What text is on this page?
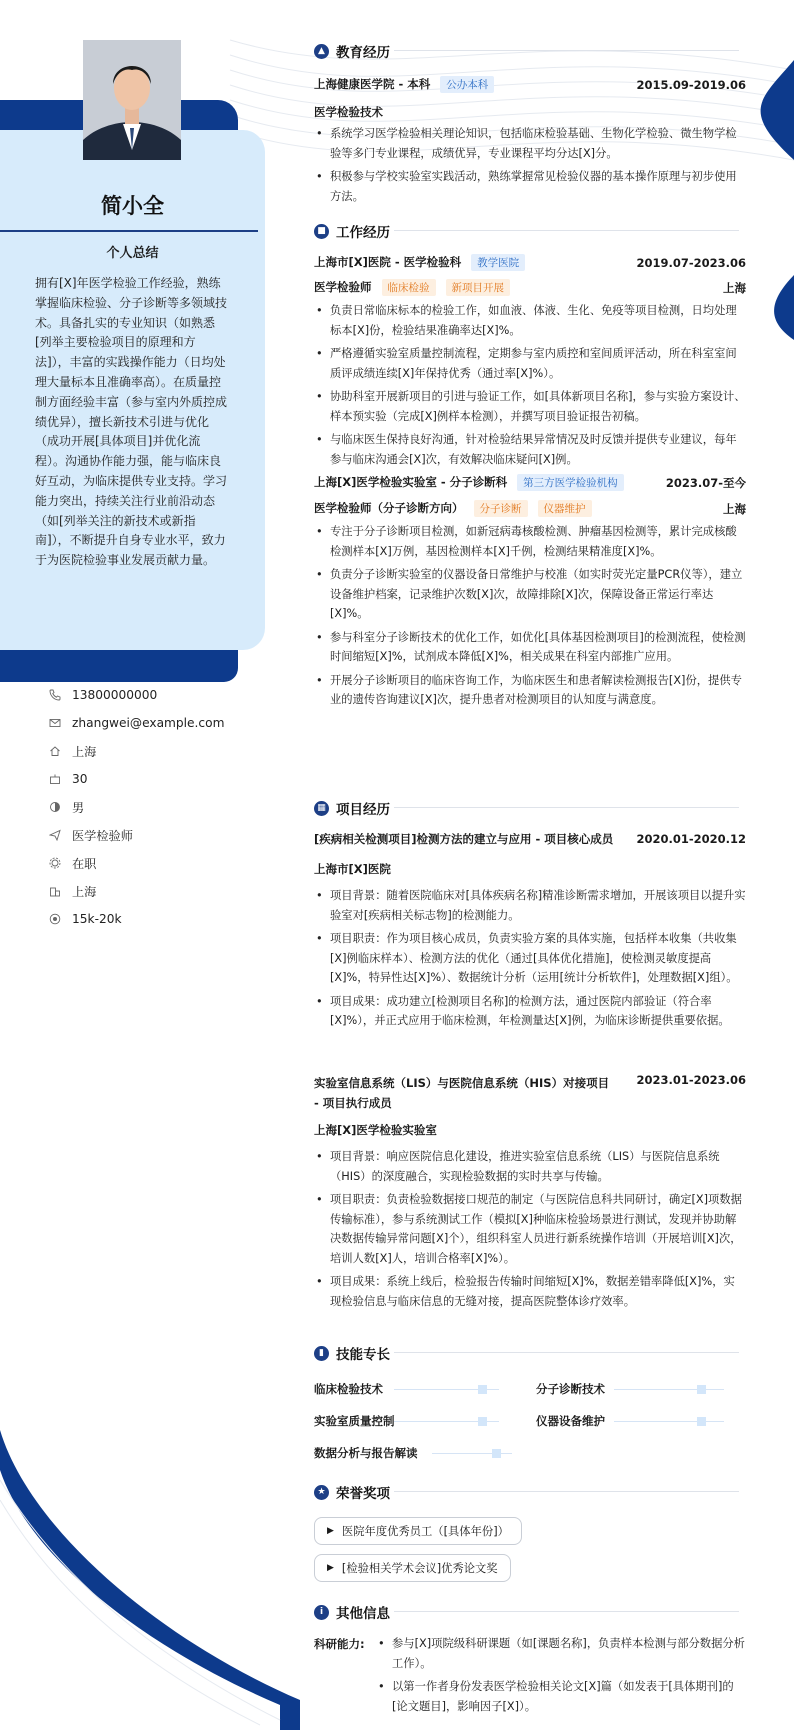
简小全
个人总结
拥有[X]年医学检验工作经验，熟练掌握临床检验、分子诊断等多领域技术。具备扎实的专业知识（如熟悉[列举主要检验项目的原理和方法]），丰富的实践操作能力（日均处理大量标本且准确率高）。在质量控制方面经验丰富（参与室内外质控成绩优异），擅长新技术引进与优化（成功开展[具体项目]并优化流程）。沟通协作能力强，能与临床良好互动，为临床提供专业支持。学习能力突出，持续关注行业前沿动态（如[列举关注的新技术或新指南]），不断提升自身专业水平，致力于为医院检验事业发展贡献力量。
13800000000
zhangwei@example.com
上海
30
男
医学检验师
在职
上海
15k-20k
▲ 教育经历
上海健康医学院 - 本科 公办本科	2015.09-2019.06
医学检验技术
• 系统学习医学检验相关理论知识，包括临床检验基础、生物化学检验、微生物学检验等多门专业课程，成绩优异，专业课程平均分达[X]分。
• 积极参与学校实验室实践活动，熟练掌握常见检验仪器的基本操作原理与初步使用方法。
■ 工作经历
上海市[X]医院 - 医学检验科 教学医院	2019.07-2023.06
医学检验师 临床检验 新项目开展	上海
• 负责日常临床标本的检验工作，如血液、体液、生化、免疫等项目检测，日均处理标本[X]份，检验结果准确率达[X]%。
• 严格遵循实验室质量控制流程，定期参与室内质控和室间质评活动，所在科室室间质评成绩连续[X]年保持优秀（通过率[X]%）。
• 协助科室开展新项目的引进与验证工作，如[具体新项目名称]，参与实验方案设计、样本预实验（完成[X]例样本检测），并撰写项目验证报告初稿。
• 与临床医生保持良好沟通，针对检验结果异常情况及时反馈并提供专业建议，每年参与临床沟通会[X]次，有效解决临床疑问[X]例。
上海[X]医学检验实验室 - 分子诊断科 第三方医学检验机构	2023.07-至今
医学检验师（分子诊断方向） 分子诊断 仪器维护	上海
• 专注于分子诊断项目检测，如新冠病毒核酸检测、肿瘤基因检测等，累计完成核酸检测样本[X]万例，基因检测样本[X]千例，检测结果精准度[X]%。
• 负责分子诊断实验室的仪器设备日常维护与校准（如实时荧光定量PCR仪等），建立设备维护档案，记录维护次数[X]次，故障排除[X]次，保障设备正常运行率达[X]%。
• 参与科室分子诊断技术的优化工作，如优化[具体基因检测项目]的检测流程，使检测时间缩短[X]%，试剂成本降低[X]%，相关成果在科室内部推广应用。
• 开展分子诊断项目的临床咨询工作，为临床医生和患者解读检测报告[X]份，提供专业的遗传咨询建议[X]次，提升患者对检测项目的认知度与满意度。
▦ 项目经历
[疾病相关检测项目]检测方法的建立与应用 - 项目核心成员 2020.01-2020.12
上海市[X]医院
• 项目背景：随着医院临床对[具体疾病名称]精准诊断需求增加，开展该项目以提升实验室对[疾病相关标志物]的检测能力。
• 项目职责：作为项目核心成员，负责实验方案的具体实施，包括样本收集（共收集[X]例临床样本）、检测方法的优化（通过[具体优化措施]，使检测灵敏度提高[X]%，特异性达[X]%）、数据统计分析（运用[统计分析软件]，处理数据[X]组）。
• 项目成果：成功建立[检测项目名称]的检测方法，通过医院内部验证（符合率[X]%），并正式应用于临床检测，年检测量达[X]例，为临床诊断提供重要依据。
实验室信息系统（LIS）与医院信息系统（HIS）对接项目 - 项目执行成员
2023.01-2023.06
上海[X]医学检验实验室
• 项目背景：响应医院信息化建设，推进实验室信息系统（LIS）与医院信息系统（HIS）的深度融合，实现检验数据的实时共享与传输。
• 项目职责：负责检验数据接口规范的制定（与医院信息科共同研讨，确定[X]项数据传输标准），参与系统测试工作（模拟[X]种临床检验场景进行测试，发现并协助解决数据传输异常问题[X]个），组织科室人员进行新系统操作培训（开展培训[X]次，培训人数[X]人，培训合格率[X]%）。
• 项目成果：系统上线后，检验报告传输时间缩短[X]%，数据差错率降低[X]%，实现检验信息与临床信息的无缝对接，提高医院整体诊疗效率。
▮ 技能专长
临床检验技术	分子诊断技术
实验室质量控制	仪器设备维护
数据分析与报告解读
★ 荣誉奖项
▶ 医院年度优秀员工（[具体年份]）
▶ [检验相关学术会议]优秀论文奖
i 其他信息
科研能力:
•	参与[X]项院级科研课题（如[课题名称]，负责样本检测与部分数据分析工作）。
• 以第一作者身份发表医学检验相关论文[X]篇（如发表于[具体期刊]的[论文题目]，影响因子[X]）。
